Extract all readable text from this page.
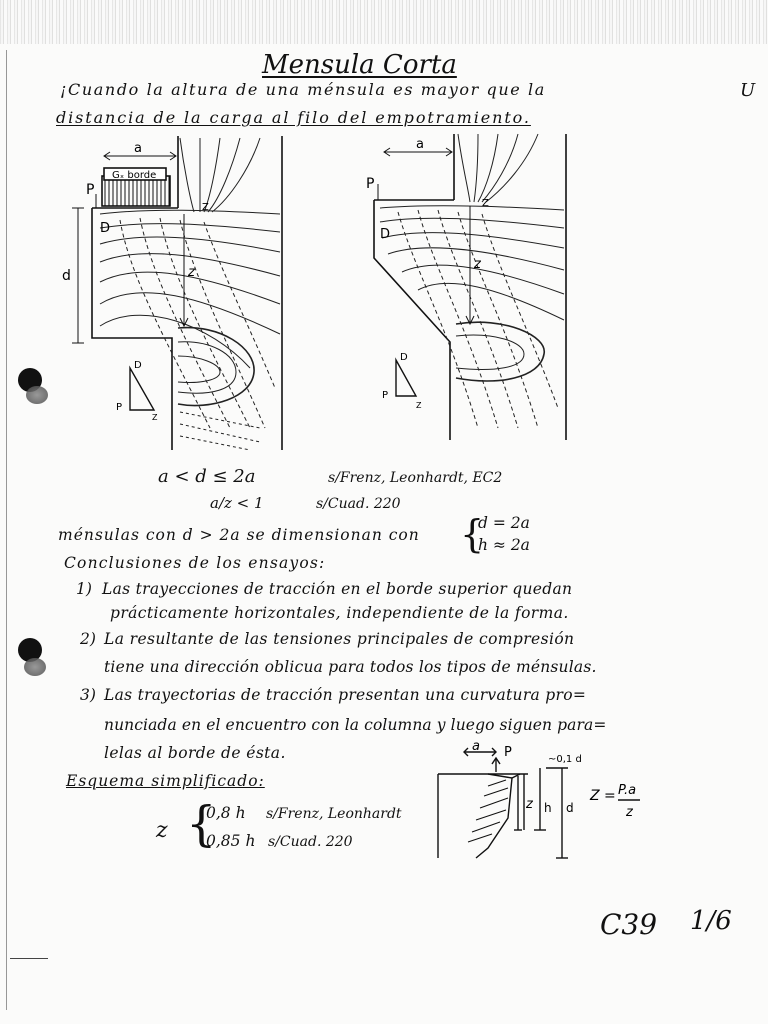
Mensula Corta
¡Cuando la altura de una ménsula es mayor que la
distancia de la carga al filo del empotramiento.
U
a
Gₓ borde
P
D
d	z
Z
D
P
Z
a
P
D
z
Z
D
P
Z
a < d ≤ 2a	s/Frenz, Leonhardt, EC2
a/z < 1	s/Cuad. 220
ménsulas con d > 2a se dimensionan con {
d = 2a
h ≈ 2a
Conclusiones de los ensayos:
1) Las trayecciones de tracción en el borde superior quedan
prácticamente horizontales, independiente de la forma.
2) La resultante de las tensiones principales de compresión
tiene una dirección oblicua para todos los tipos de ménsulas.
3) Las trayectorias de tracción presentan una curvatura pro=
nunciada en el encuentro con la columna y luego siguen para=
lelas al borde de ésta.
Esquema simplificado:
z {
0,8 h s/Frenz, Leonhardt
0,85 h s/Cuad. 220
a P	~0,1 d
z h d
Z = P.a
z
C39 1/6
